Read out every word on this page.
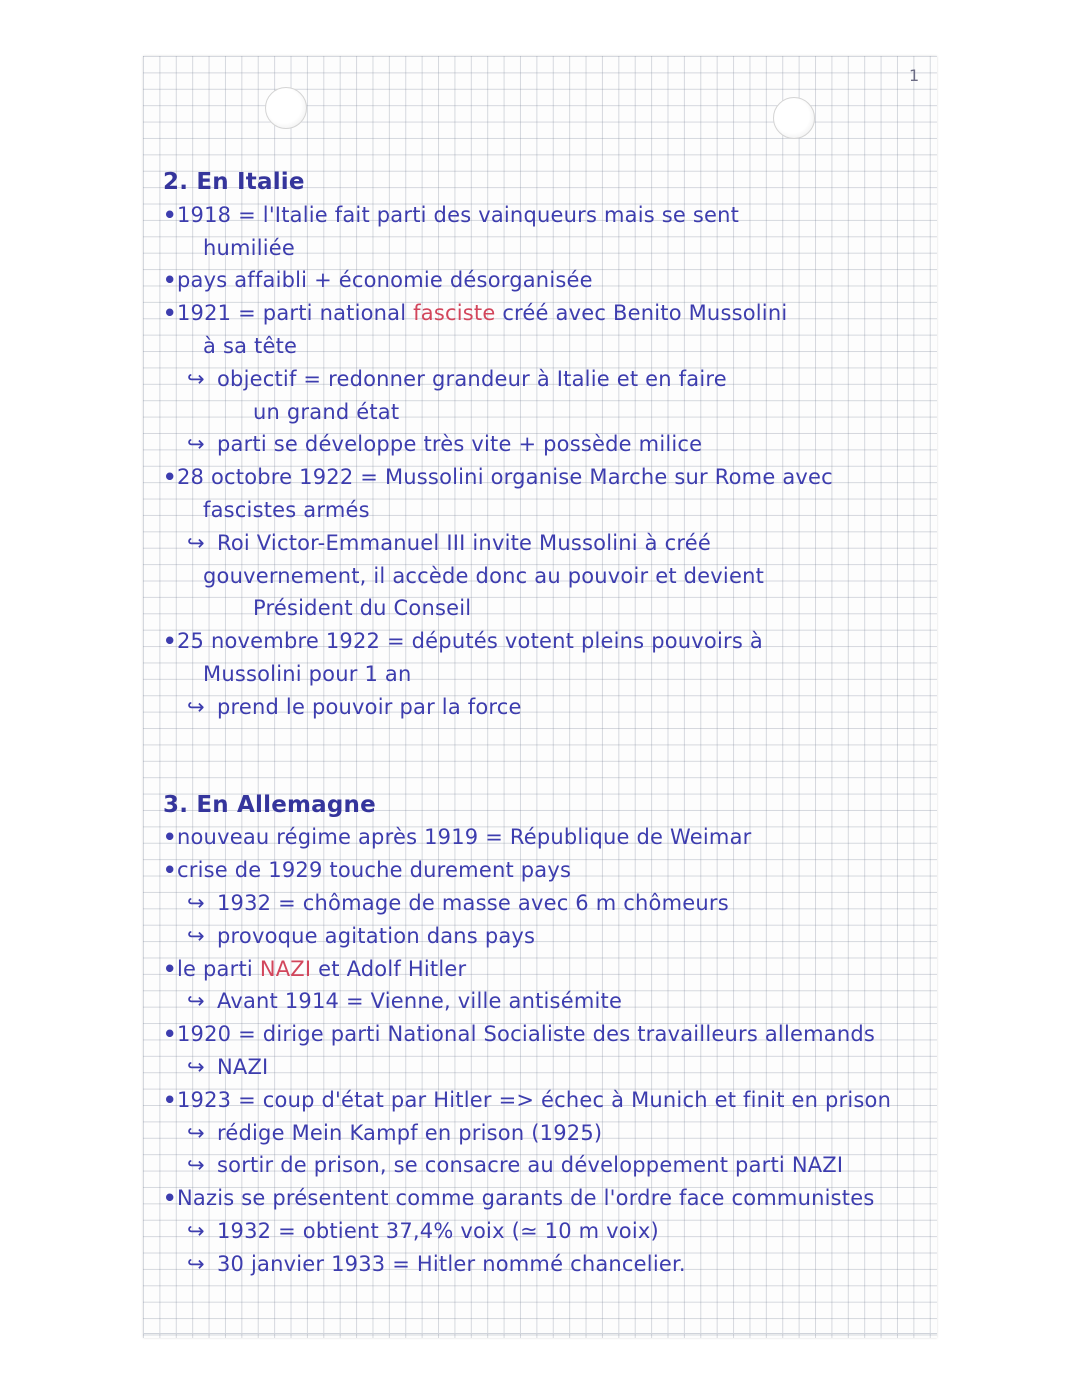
1
2. En Italie
•1918 = l'Italie fait parti des vainqueurs mais se sent
humiliée
•pays affaibli + économie désorganisée
•1921 = parti national fasciste créé avec Benito Mussolini
à sa tête
↪ objectif = redonner grandeur à Italie et en faire
un grand état
↪ parti se développe très vite + possède milice
•28 octobre 1922 = Mussolini organise Marche sur Rome avec
fascistes armés
↪ Roi Victor-Emmanuel III invite Mussolini à créé
gouvernement, il accède donc au pouvoir et devient
Président du Conseil
•25 novembre 1922 = députés votent pleins pouvoirs à
Mussolini pour 1 an
↪ prend le pouvoir par la force
3. En Allemagne
•nouveau régime après 1919 = République de Weimar
•crise de 1929 touche durement pays
↪ 1932 = chômage de masse avec 6 m chômeurs
↪ provoque agitation dans pays
•le parti NAZI et Adolf Hitler
↪ Avant 1914 = Vienne, ville antisémite
•1920 = dirige parti National Socialiste des travailleurs allemands
↪ NAZI
•1923 = coup d'état par Hitler => échec à Munich et finit en prison
↪ rédige Mein Kampf en prison (1925)
↪ sortir de prison, se consacre au développement parti NAZI
•Nazis se présentent comme garants de l'ordre face communistes
↪ 1932 = obtient 37,4% voix (≃ 10 m voix)
↪ 30 janvier 1933 = Hitler nommé chancelier.
